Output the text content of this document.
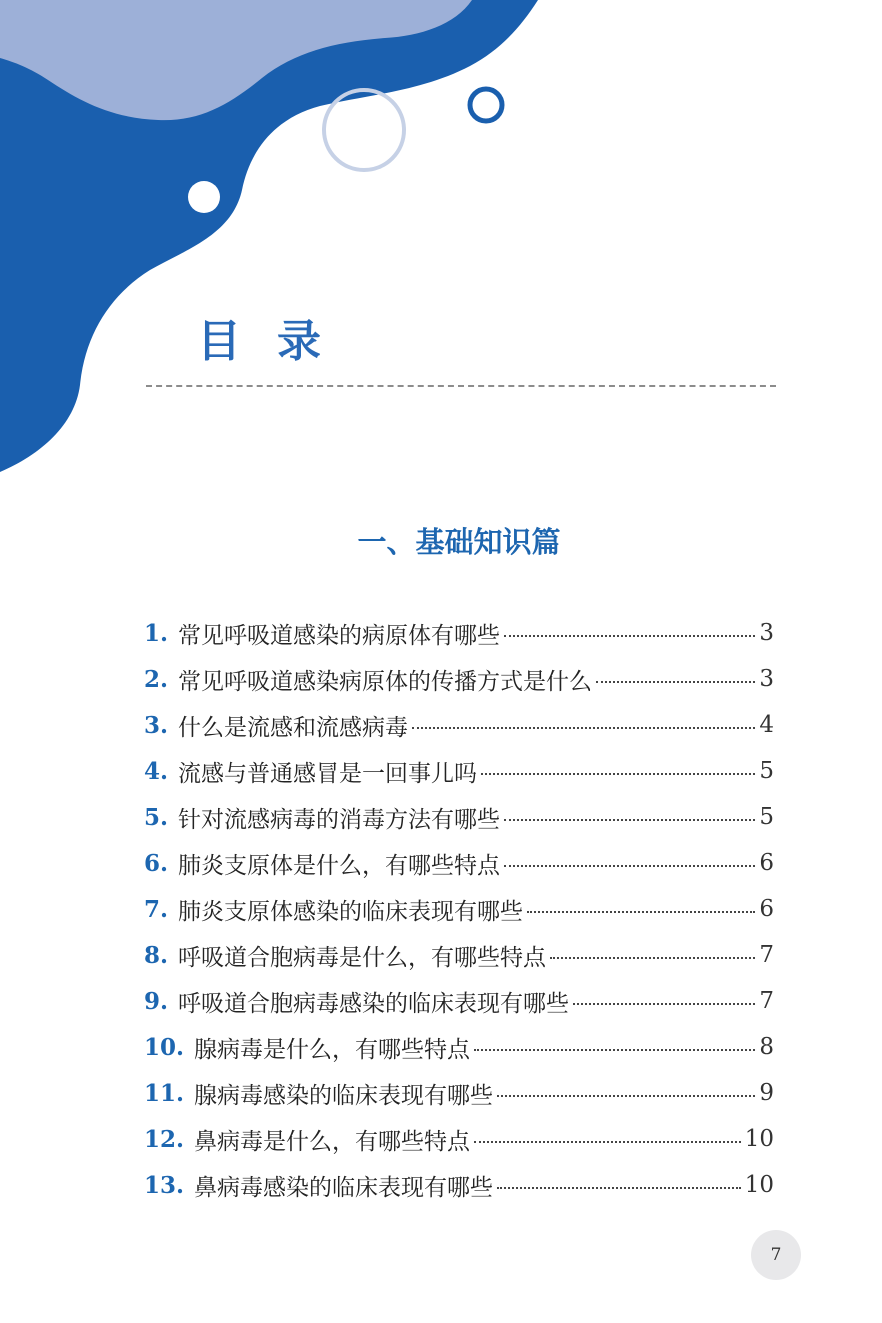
目录
一、基础知识篇
1. 常见呼吸道感染的病原体有哪些	3
2. 常见呼吸道感染病原体的传播方式是什么	3
3. 什么是流感和流感病毒	4
4. 流感与普通感冒是一回事儿吗	5
5. 针对流感病毒的消毒方法有哪些	5
6. 肺炎支原体是什么，有哪些特点	6
7. 肺炎支原体感染的临床表现有哪些	6
8. 呼吸道合胞病毒是什么，有哪些特点	7
9. 呼吸道合胞病毒感染的临床表现有哪些	7
10. 腺病毒是什么，有哪些特点	8
11. 腺病毒感染的临床表现有哪些	9
12. 鼻病毒是什么，有哪些特点	10
13. 鼻病毒感染的临床表现有哪些	10
7
